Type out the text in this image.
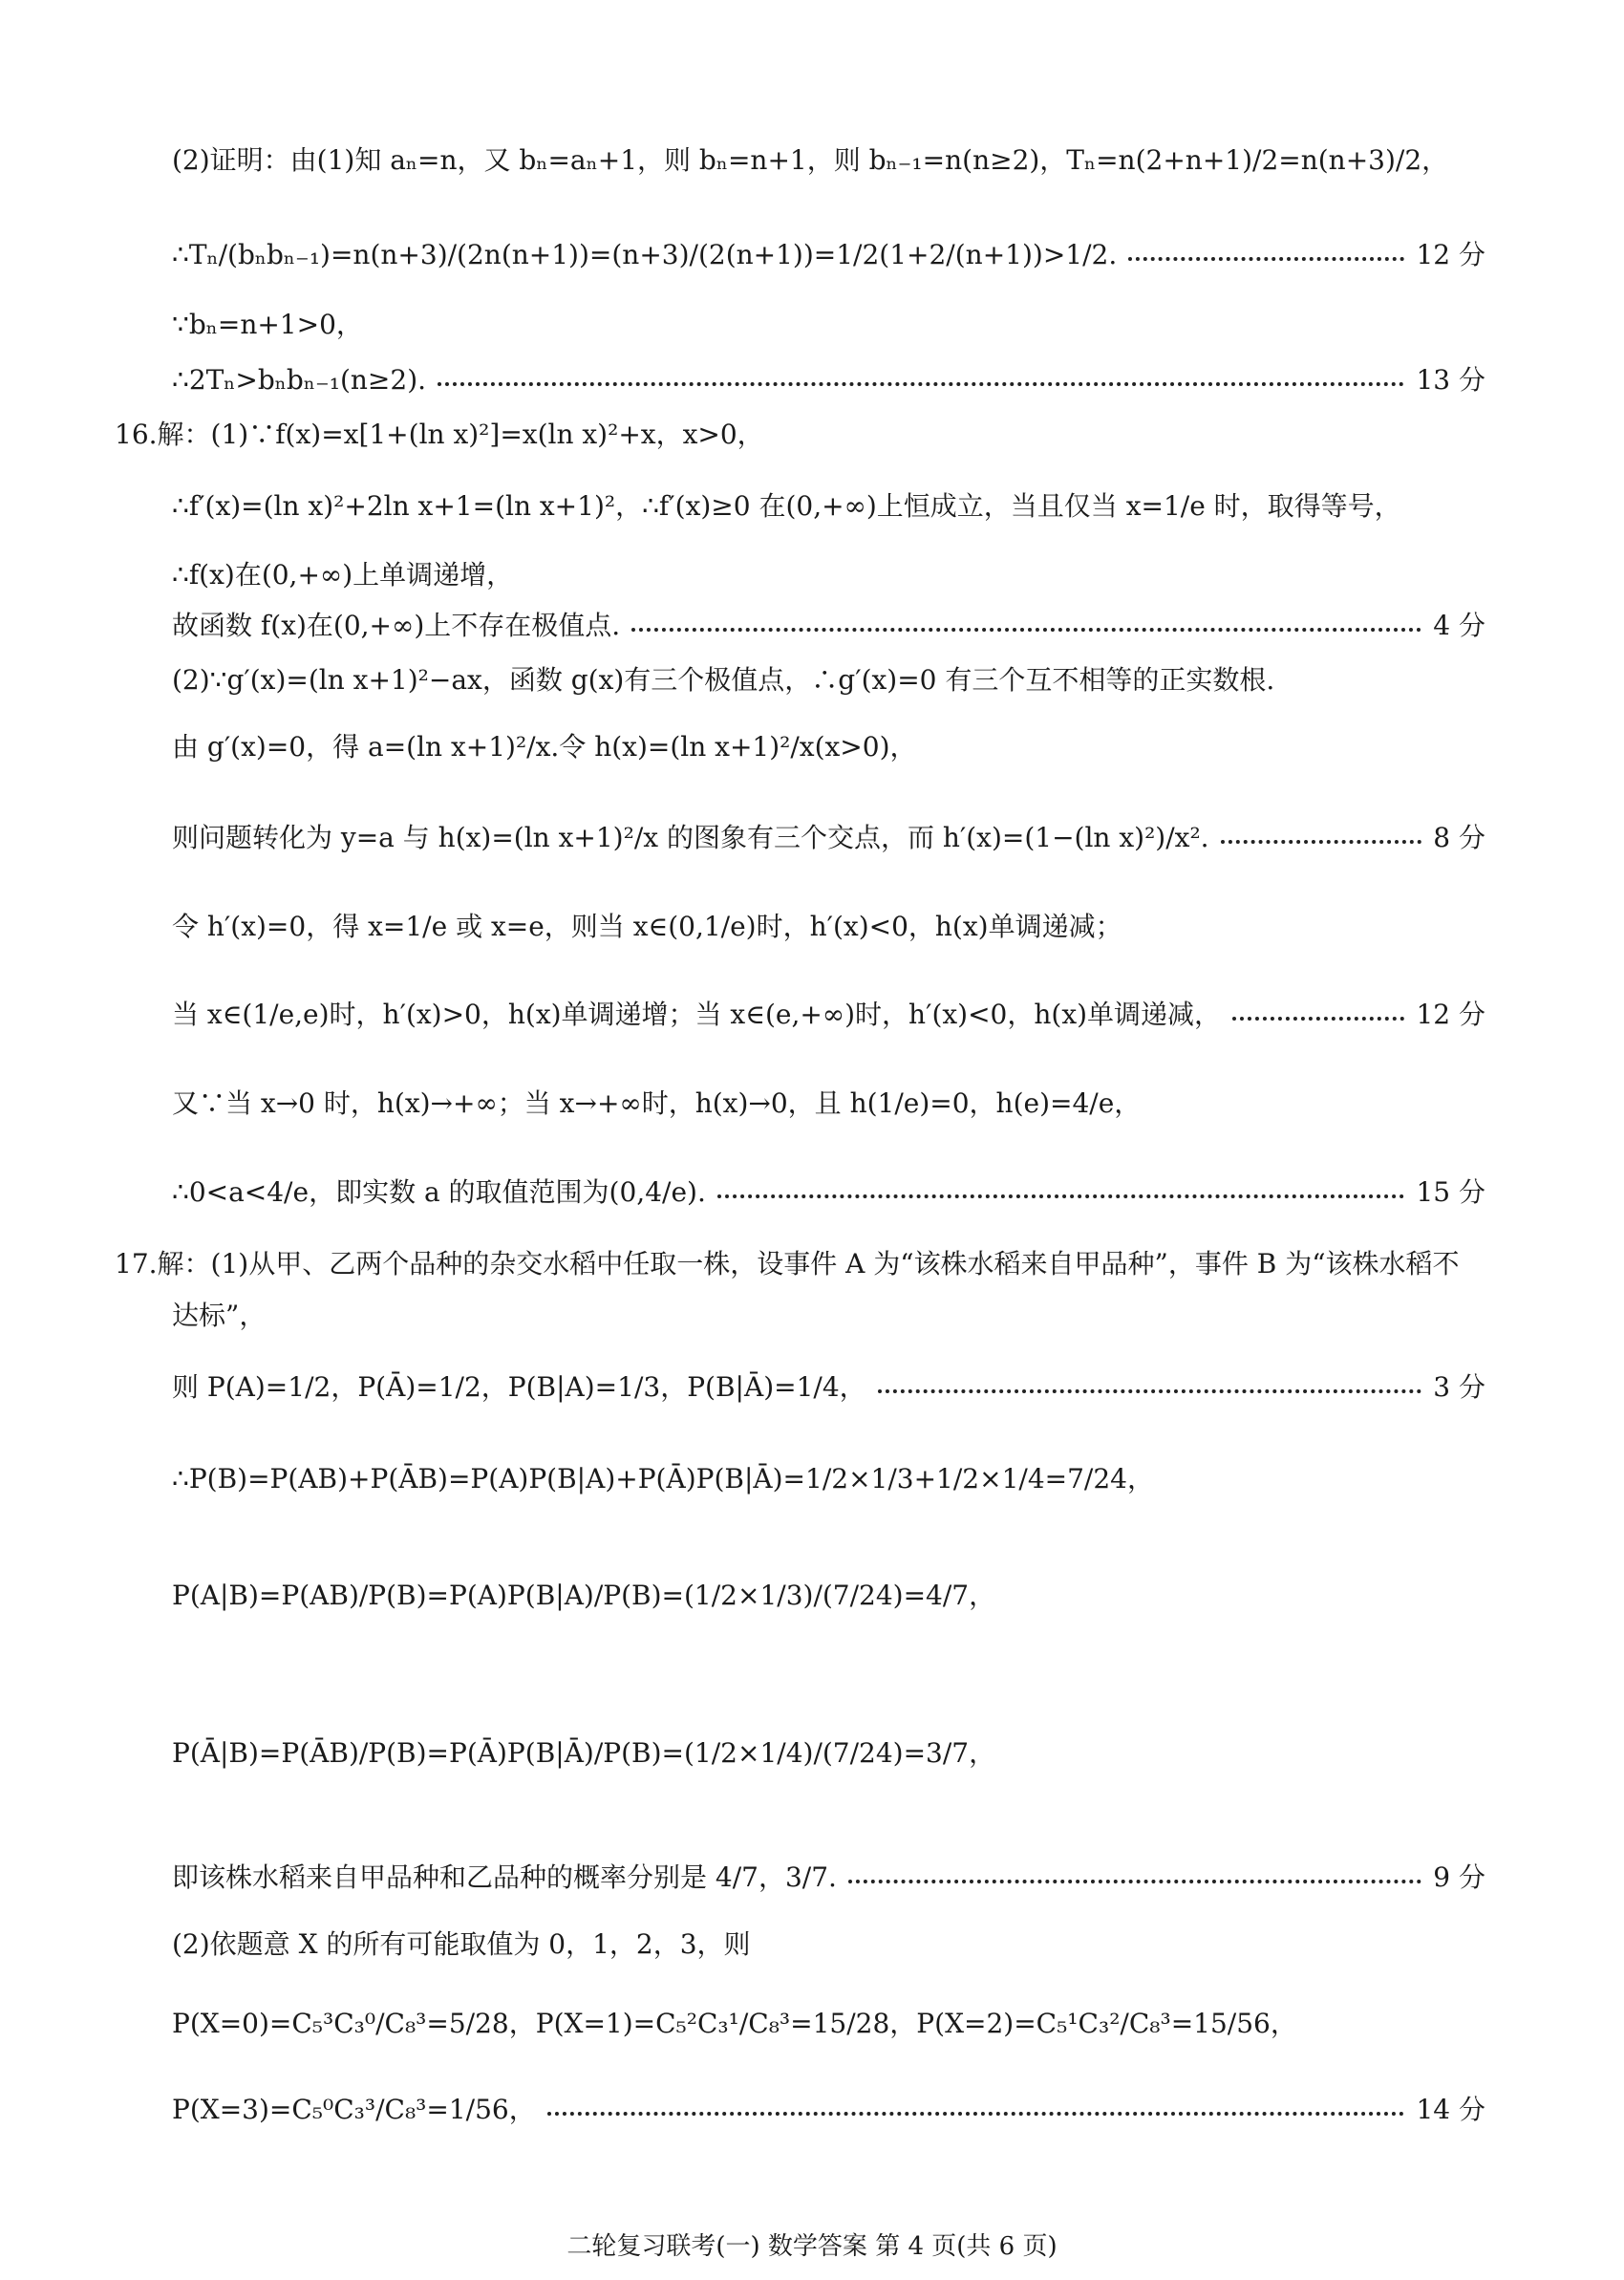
(2)证明：由(1)知 aₙ=n，又 bₙ=aₙ+1，则 bₙ=n+1，则 bₙ₋₁=n(n≥2)，Tₙ=n(2+n+1)/2=n(n+3)/2，
∴Tₙ/(bₙbₙ₋₁)=n(n+3)/(2n(n+1))=(n+3)/(2(n+1))=1/2(1+2/(n+1))>1/2.	12 分
∵bₙ=n+1>0，
∴2Tₙ>bₙbₙ₋₁(n≥2).	13 分
16.解：(1)∵f(x)=x[1+(ln x)²]=x(ln x)²+x，x>0，
∴f′(x)=(ln x)²+2ln x+1=(ln x+1)²，∴f′(x)≥0 在(0,+∞)上恒成立，当且仅当 x=1/e 时，取得等号，
∴f(x)在(0,+∞)上单调递增，
故函数 f(x)在(0,+∞)上不存在极值点.	4 分
(2)∵g′(x)=(ln x+1)²−ax，函数 g(x)有三个极值点，∴g′(x)=0 有三个互不相等的正实数根.
由 g′(x)=0，得 a=(ln x+1)²/x.令 h(x)=(ln x+1)²/x(x>0)，
则问题转化为 y=a 与 h(x)=(ln x+1)²/x 的图象有三个交点，而 h′(x)=(1−(ln x)²)/x².	8 分
令 h′(x)=0，得 x=1/e 或 x=e，则当 x∈(0,1/e)时，h′(x)<0，h(x)单调递减；
当 x∈(1/e,e)时，h′(x)>0，h(x)单调递增；当 x∈(e,+∞)时，h′(x)<0，h(x)单调递减，	12 分
又∵当 x→0 时，h(x)→+∞；当 x→+∞时，h(x)→0，且 h(1/e)=0，h(e)=4/e，
∴0<a<4/e，即实数 a 的取值范围为(0,4/e).	15 分
17.解：(1)从甲、乙两个品种的杂交水稻中任取一株，设事件 A 为“该株水稻来自甲品种”，事件 B 为“该株水稻不
达标”，
则 P(A)=1/2，P(Ā)=1/2，P(B|A)=1/3，P(B|Ā)=1/4，	3 分
∴P(B)=P(AB)+P(ĀB)=P(A)P(B|A)+P(Ā)P(B|Ā)=1/2×1/3+1/2×1/4=7/24，
P(A|B)=P(AB)/P(B)=P(A)P(B|A)/P(B)=(1/2×1/3)/(7/24)=4/7，
P(Ā|B)=P(ĀB)/P(B)=P(Ā)P(B|Ā)/P(B)=(1/2×1/4)/(7/24)=3/7，
即该株水稻来自甲品种和乙品种的概率分别是 4/7，3/7.	9 分
(2)依题意 X 的所有可能取值为 0，1，2，3，则
P(X=0)=C₅³C₃⁰/C₈³=5/28，P(X=1)=C₅²C₃¹/C₈³=15/28，P(X=2)=C₅¹C₃²/C₈³=15/56，
P(X=3)=C₅⁰C₃³/C₈³=1/56，	14 分
二轮复习联考(一) 数学答案 第 4 页(共 6 页)
